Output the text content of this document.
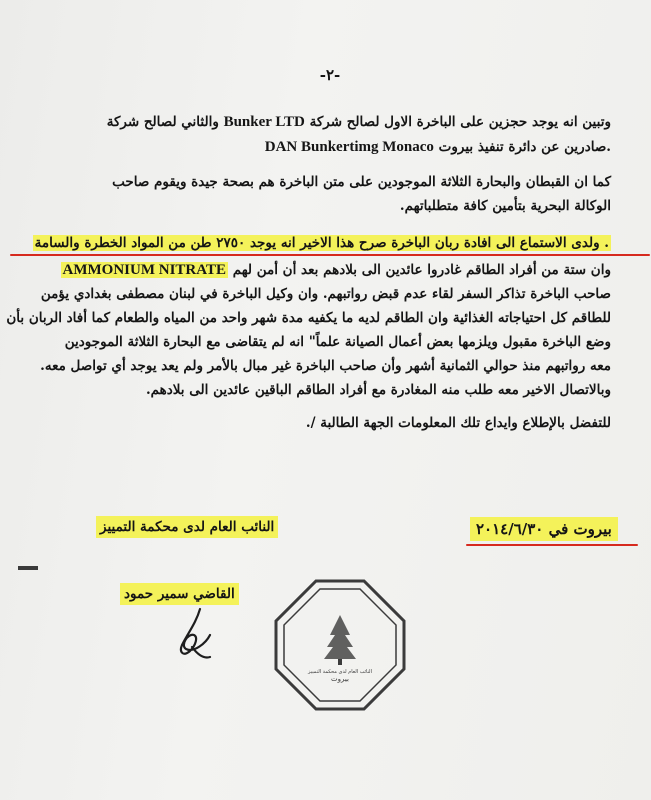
-٢-
وتبين انه يوجد حجزين على الباخرة الاول لصالح شركة Bunker LTD والثاني لصالح شركة
DAN Bunkertimg Monaco صادرين عن دائرة تنفيذ بيروت.
كما ان القبطان والبحارة الثلاثة الموجودين على متن الباخرة هم بصحة جيدة ويقوم صاحب
الوكالة البحرية بتأمين كافة متطلباتهم.
. ولدى الاستماع الى افادة ربان الباخرة صرح هذا الاخير انه يوجد ٢٧٥٠ طن من المواد الخطرة والسامة
AMMONIUM NITRATE وان ستة من أفراد الطاقم غادروا عائدين الى بلادهم بعد أن أمن لهم
صاحب الباخرة تذاكر السفر لقاء عدم قبض رواتبهم. وان وكيل الباخرة في لبنان مصطفى بغدادي يؤمن
للطاقم كل احتياجاته الغذائية وان الطاقم لديه ما يكفيه مدة شهر واحد من المياه والطعام كما أفاد الربان بأن
وضع الباخرة مقبول ويلزمها بعض أعمال الصيانة علماً" انه لم يتقاضى مع البحارة الثلاثة الموجودين
معه رواتبهم منذ حوالي الثمانية أشهر وأن صاحب الباخرة غير مبال بالأمر ولم يعد يوجد أي تواصل معه.
وبالاتصال الاخير معه طلب منه المغادرة مع أفراد الطاقم الباقين عائدين الى بلادهم.
للتفضل بالإطلاع وايداع تلك المعلومات الجهة الطالبة /.
النائب العام لدى محكمة التمييز	بيروت في ٢٠١٤/٦/٣٠
القاضي سمير حمود
بيروت
النائب العام لدى محكمة التمييز
